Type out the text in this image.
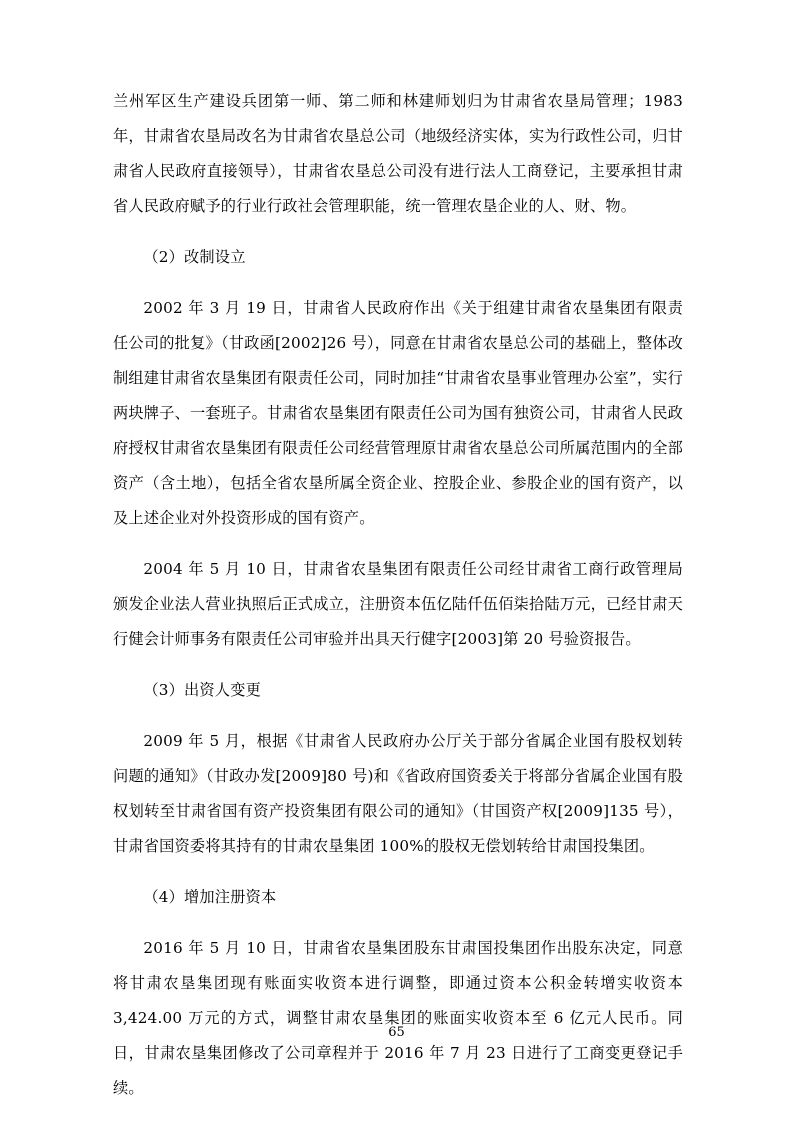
兰州军区生产建设兵团第一师、第二师和林建师划归为甘肃省农垦局管理；1983年，甘肃省农垦局改名为甘肃省农垦总公司（地级经济实体，实为行政性公司，归甘肃省人民政府直接领导），甘肃省农垦总公司没有进行法人工商登记，主要承担甘肃省人民政府赋予的行业行政社会管理职能，统一管理农垦企业的人、财、物。

（2）改制设立

2002 年 3 月 19 日，甘肃省人民政府作出《关于组建甘肃省农垦集团有限责任公司的批复》（甘政函[2002]26 号），同意在甘肃省农垦总公司的基础上，整体改制组建甘肃省农垦集团有限责任公司，同时加挂“甘肃省农垦事业管理办公室”，实行两块牌子、一套班子。甘肃省农垦集团有限责任公司为国有独资公司，甘肃省人民政府授权甘肃省农垦集团有限责任公司经营管理原甘肃省农垦总公司所属范围内的全部资产（含土地），包括全省农垦所属全资企业、控股企业、参股企业的国有资产，以及上述企业对外投资形成的国有资产。

2004 年 5 月 10 日，甘肃省农垦集团有限责任公司经甘肃省工商行政管理局颁发企业法人营业执照后正式成立，注册资本伍亿陆仟伍佰柒拾陆万元，已经甘肃天行健会计师事务有限责任公司审验并出具天行健字[2003]第 20 号验资报告。

（3）出资人变更

2009 年 5 月，根据《甘肃省人民政府办公厅关于部分省属企业国有股权划转问题的通知》（甘政办发[2009]80 号)和《省政府国资委关于将部分省属企业国有股权划转至甘肃省国有资产投资集团有限公司的通知》（甘国资产权[2009]135 号），甘肃省国资委将其持有的甘肃农垦集团 100%的股权无偿划转给甘肃国投集团。

（4）增加注册资本

2016 年 5 月 10 日，甘肃省农垦集团股东甘肃国投集团作出股东决定，同意将甘肃农垦集团现有账面实收资本进行调整，即通过资本公积金转增实收资本3,424.00 万元的方式，调整甘肃农垦集团的账面实收资本至 6 亿元人民币。同日，甘肃农垦集团修改了公司章程并于 2016 年 7 月 23 日进行了工商变更登记手续。

65
